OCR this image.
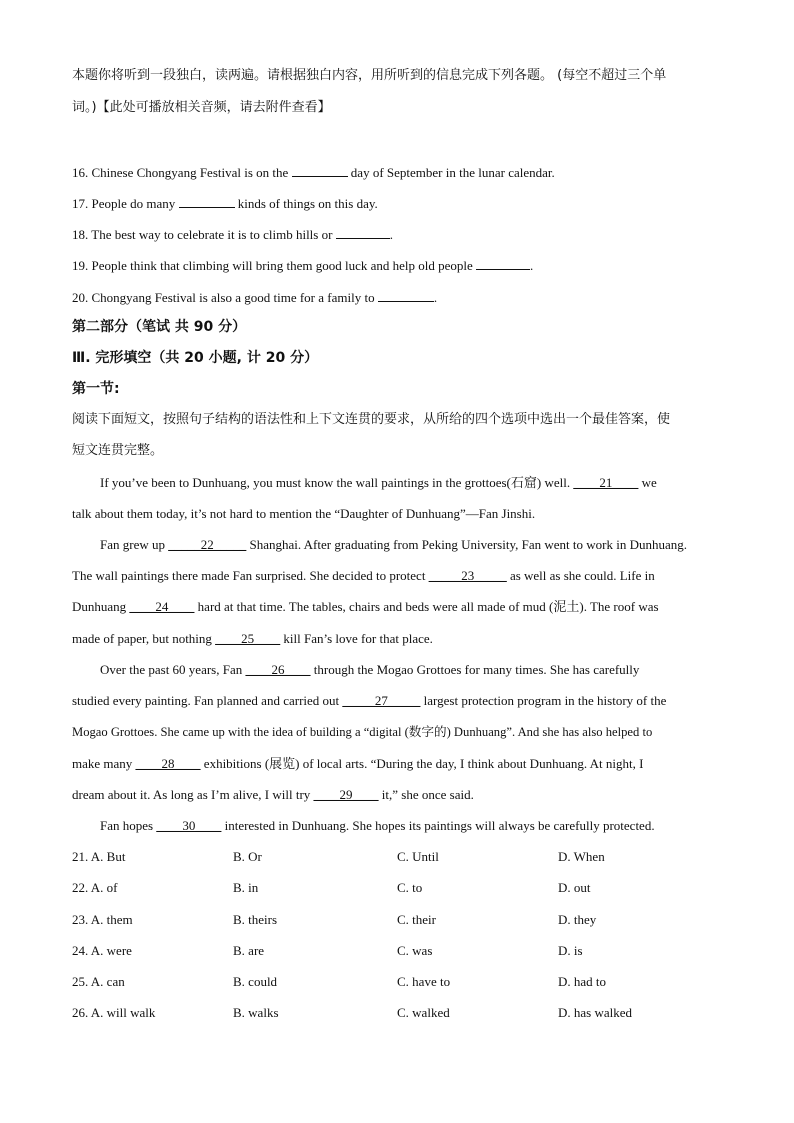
本题你将听到一段独白，读两遍。请根据独白内容，用所听到的信息完成下列各题。 (每空不超过三个单
词。)【此处可播放相关音频，请去附件查看】
16. Chinese Chongyang Festival is on the	day of September in the lunar calendar.
17. People do many	kinds of things on this day.
18. The best way to celebrate it is to climb hills or	.
19. People think that climbing will bring them good luck and help old people	.
20. Chongyang Festival is also a good time for a family to	.
第二部分（笔试 共 90 分）
Ⅲ. 完形填空（共 20 小题, 计 20 分）
第一节:
阅读下面短文，按照句子结构的语法性和上下文连贯的要求，从所给的四个选项中选出一个最佳答案，使
短文连贯完整。
If you’ve been to Dunhuang, you must know the wall paintings in the grottoes(石窟) well. ____21____ we
talk about them today, it’s not hard to mention the “Daughter of Dunhuang”—Fan Jinshi.
Fan grew up _____22_____ Shanghai. After graduating from Peking University, Fan went to work in Dunhuang.
The wall paintings there made Fan surprised. She decided to protect _____23_____ as well as she could. Life in
Dunhuang ____24____ hard at that time. The tables, chairs and beds were all made of mud (泥土). The roof was
made of paper, but nothing ____25____ kill Fan’s love for that place.
Over the past 60 years, Fan ____26____ through the Mogao Grottoes for many times. She has carefully
studied every painting. Fan planned and carried out _____27_____ largest protection program in the history of the
Mogao Grottoes. She came up with the idea of building a “digital (数字的) Dunhuang”. And she has also helped to
make many ____28____ exhibitions (展览) of local arts. “During the day, I think about Dunhuang. At night, I
dream about it. As long as I’m alive, I will try ____29____ it,” she once said.
Fan hopes ____30____ interested in Dunhuang. She hopes its paintings will always be carefully protected.
21. A. But	B. Or	C. Until	D. When
22. A. of	B. in	C. to	D. out
23. A. them	B. theirs	C. their	D. they
24. A. were	B. are	C. was	D. is
25. A. can	B. could	C. have to	D. had to
26. A. will walk	B. walks	C. walked	D. has walked
